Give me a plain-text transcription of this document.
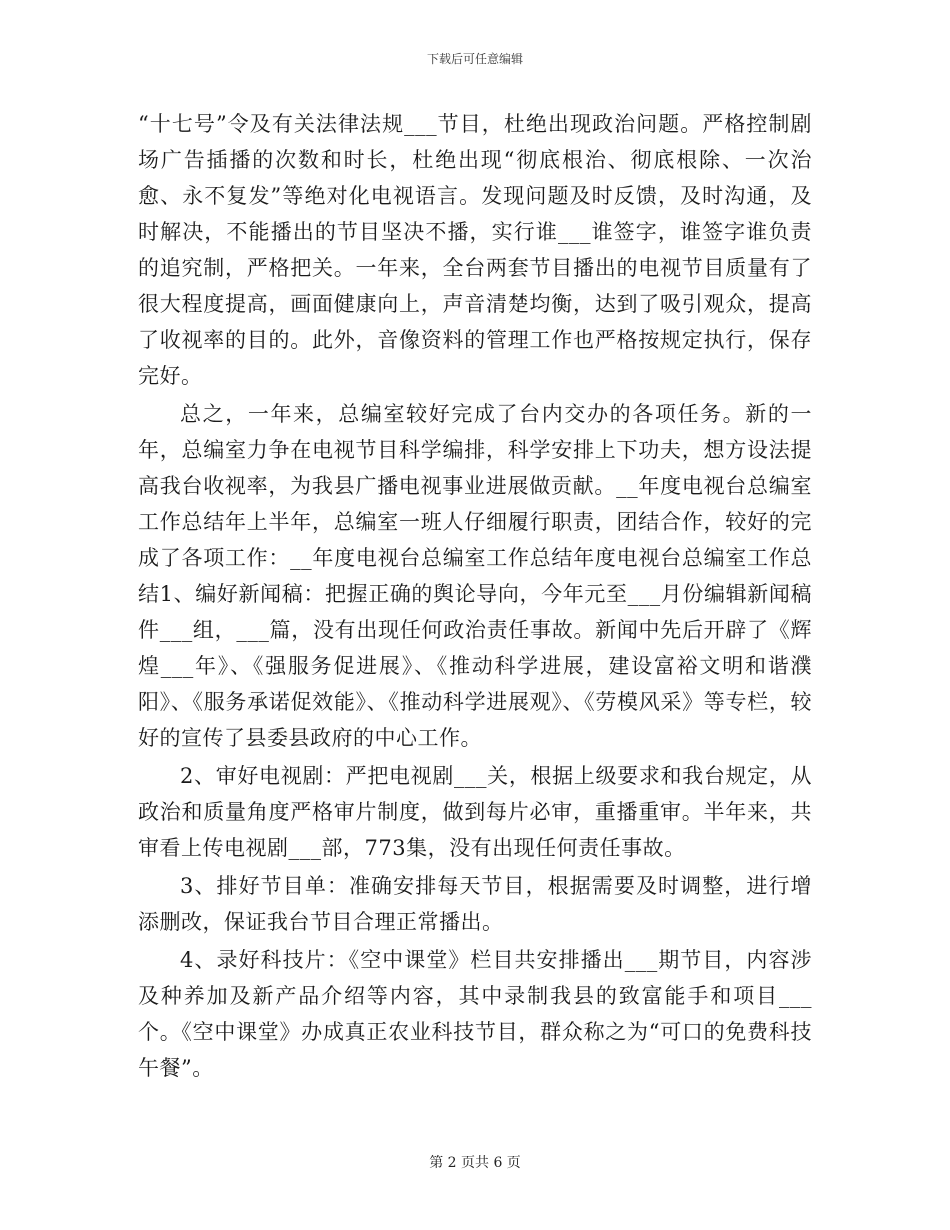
下载后可任意编辑

“十七号”令及有关法律法规___节目，杜绝出现政治问题。严格控制剧场广告插播的次数和时长，杜绝出现“彻底根治、彻底根除、一次治愈、永不复发”等绝对化电视语言。发现问题及时反馈，及时沟通，及时解决，不能播出的节目坚决不播，实行谁___谁签字，谁签字谁负责的追究制，严格把关。一年来，全台两套节目播出的电视节目质量有了很大程度提高，画面健康向上，声音清楚均衡，达到了吸引观众，提高了收视率的目的。此外，音像资料的管理工作也严格按规定执行，保存完好。

总之，一年来，总编室较好完成了台内交办的各项任务。新的一年，总编室力争在电视节目科学编排，科学安排上下功夫，想方设法提高我台收视率，为我县广播电视事业进展做贡献。__年度电视台总编室工作总结年上半年，总编室一班人仔细履行职责，团结合作，较好的完成了各项工作：__年度电视台总编室工作总结年度电视台总编室工作总结1、编好新闻稿：把握正确的舆论导向，今年元至___月份编辑新闻稿件___组，___篇，没有出现任何政治责任事故。新闻中先后开辟了《辉煌___年》、《强服务促进展》、《推动科学进展，建设富裕文明和谐濮阳》、《服务承诺促效能》、《推动科学进展观》、《劳模风采》等专栏，较好的宣传了县委县政府的中心工作。

2、审好电视剧：严把电视剧___关，根据上级要求和我台规定，从政治和质量角度严格审片制度，做到每片必审，重播重审。半年来，共审看上传电视剧___部，773集，没有出现任何责任事故。

3、排好节目单：准确安排每天节目，根据需要及时调整，进行增添删改，保证我台节目合理正常播出。

4、录好科技片：《空中课堂》栏目共安排播出___期节目，内容涉及种养加及新产品介绍等内容，其中录制我县的致富能手和项目___个。《空中课堂》办成真正农业科技节目，群众称之为“可口的免费科技午餐”。

第 2 页共 6 页
